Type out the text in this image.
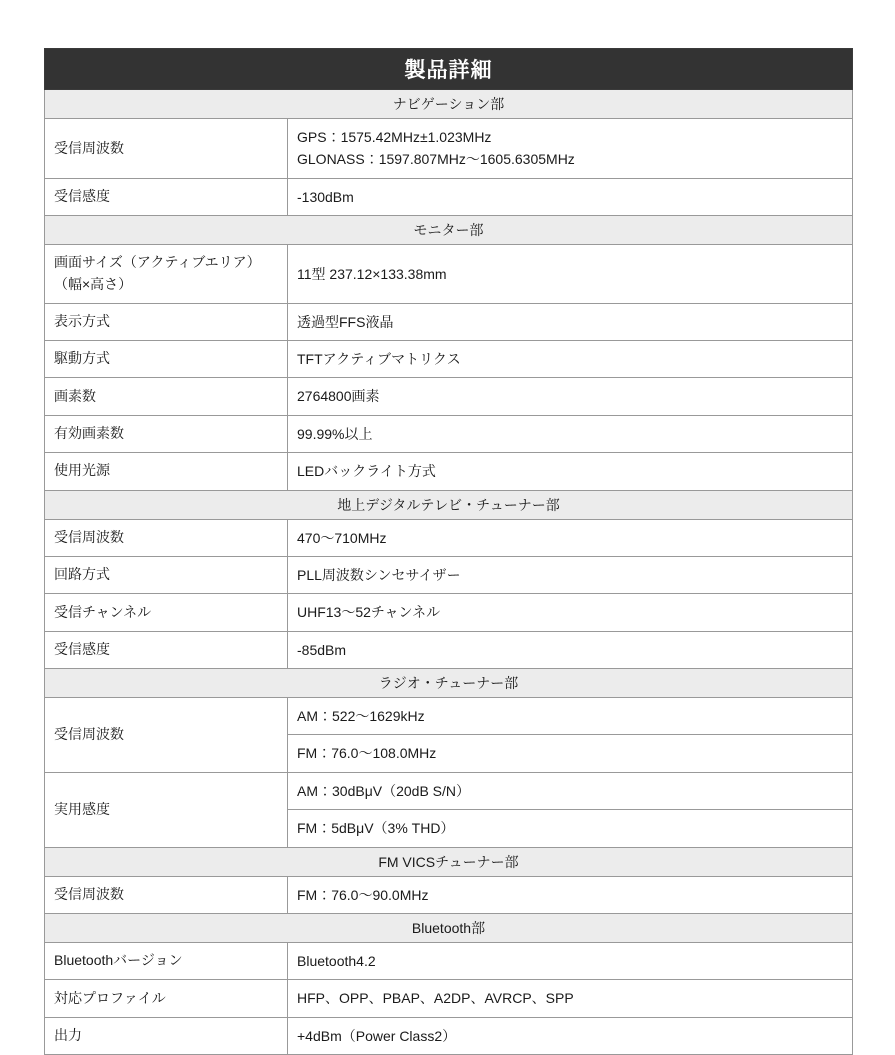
製品詳細	
ナビゲーション部	
受信周波数	GPS：1575.42MHz±1.023MHz
GLONASS：1597.807MHz〜1605.6305MHz

受信感度	-130dBm
モニター部	
画面サイズ（アクティブエリア）
（幅×高さ）	11型 237.12×133.38mm
表示方式	透過型FFS液晶
駆動方式	TFTアクティブマトリクス
画素数	2764800画素
有効画素数	99.99%以上
使用光源	LEDバックライト方式
地上デジタルテレビ・チューナー部	
受信周波数	470〜710MHz
回路方式	PLL周波数シンセサイザー
受信チャンネル	UHF13〜52チャンネル
受信感度	-85dBm
ラジオ・チューナー部	
受信周波数	AM：522〜1629kHz
	FM：76.0〜108.0MHz
実用感度	AM：30dBμV（20dB S/N）
	FM：5dBμV（3% THD）
FM VICSチューナー部	
受信周波数	FM：76.0〜90.0MHz
Bluetooth部	
Bluetoothバージョン	Bluetooth4.2
対応プロファイル	HFP、OPP、PBAP、A2DP、AVRCP、SPP
出力	+4dBm（Power Class2）
